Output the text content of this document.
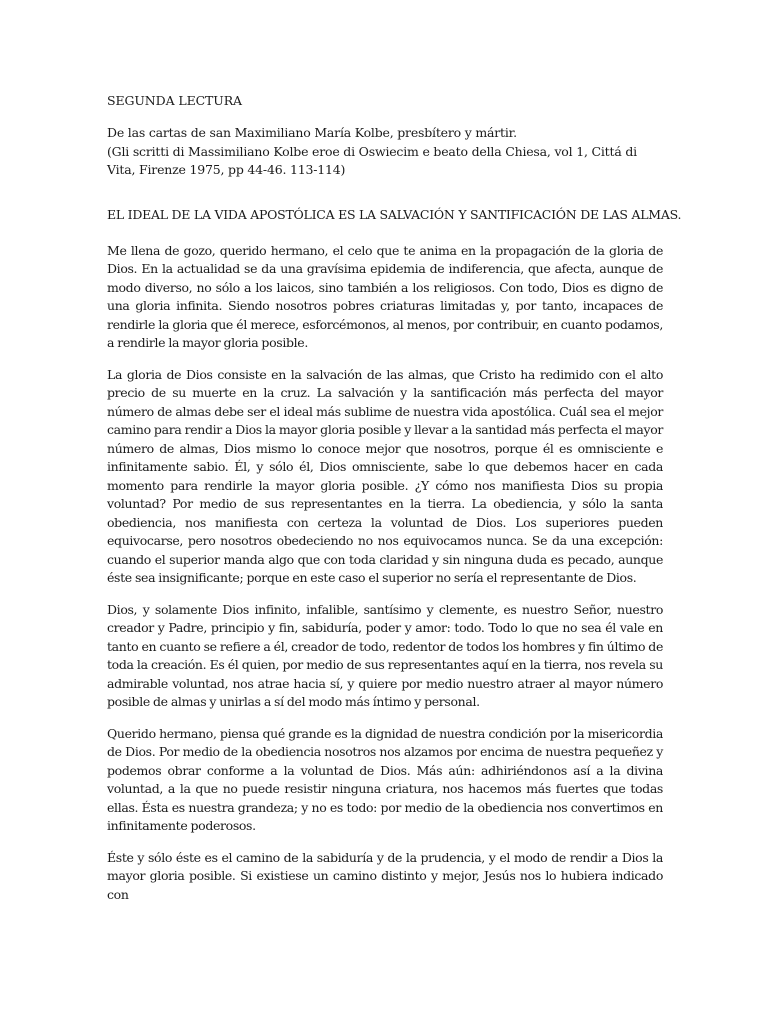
SEGUNDA LECTURA

De las cartas de san Maximiliano María Kolbe, presbítero y mártir.

(Gli scritti di Massimiliano Kolbe eroe di Oswiecim e beato della Chiesa, vol 1, Cittá di Vita, Firenze 1975, pp 44-46. 113-114)

EL IDEAL DE LA VIDA APOSTÓLICA ES LA SALVACIÓN Y SANTIFICACIÓN DE LAS ALMAS.

Me llena de gozo, querido hermano, el celo que te anima en la propagación de la gloria de Dios. En la actualidad se da una gravísima epidemia de indiferencia, que afecta, aunque de modo diverso, no sólo a los laicos, sino también a los religiosos. Con todo, Dios es digno de una gloria infinita. Siendo nosotros pobres criaturas limitadas y, por tanto, incapaces de rendirle la gloria que él merece, esforcémonos, al menos, por contribuir, en cuanto podamos, a rendirle la mayor gloria posible.

La gloria de Dios consiste en la salvación de las almas, que Cristo ha redimido con el alto precio de su muerte en la cruz. La salvación y la santificación más perfecta del mayor número de almas debe ser el ideal más sublime de nuestra vida apostólica. Cuál sea el mejor camino para rendir a Dios la mayor gloria posible y llevar a la santidad más perfecta el mayor número de almas, Dios mismo lo conoce mejor que nosotros, porque él es omnisciente e infinitamente sabio. Él, y sólo él, Dios omnisciente, sabe lo que debemos hacer en cada momento para rendirle la mayor gloria posible. ¿Y cómo nos manifiesta Dios su propia voluntad? Por medio de sus representantes en la tierra. La obediencia, y sólo la santa obediencia, nos manifiesta con certeza la voluntad de Dios. Los superiores pueden equivocarse, pero nosotros obedeciendo no nos equivocamos nunca. Se da una excepción: cuando el superior manda algo que con toda claridad y sin ninguna duda es pecado, aunque éste sea insignificante; porque en este caso el superior no sería el representante de Dios.

Dios, y solamente Dios infinito, infalible, santísimo y clemente, es nuestro Señor, nuestro creador y Padre, principio y fin, sabiduría, poder y amor: todo. Todo lo que no sea él vale en tanto en cuanto se refiere a él, creador de todo, redentor de todos los hombres y fin último de toda la creación. Es él quien, por medio de sus representantes aquí en la tierra, nos revela su admirable voluntad, nos atrae hacia sí, y quiere por medio nuestro atraer al mayor número posible de almas y unirlas a sí del modo más íntimo y personal.

Querido hermano, piensa qué grande es la dignidad de nuestra condición por la misericordia de Dios. Por medio de la obediencia nosotros nos alzamos por encima de nuestra pequeñez y podemos obrar conforme a la voluntad de Dios. Más aún: adhiriéndonos así a la divina voluntad, a la que no puede resistir ninguna criatura, nos hacemos más fuertes que todas ellas. Ésta es nuestra grandeza; y no es todo: por medio de la obediencia nos convertimos en infinitamente poderosos.

Éste y sólo éste es el camino de la sabiduría y de la prudencia, y el modo de rendir a Dios la mayor gloria posible. Si existiese un camino distinto y mejor, Jesús nos lo hubiera indicado con
